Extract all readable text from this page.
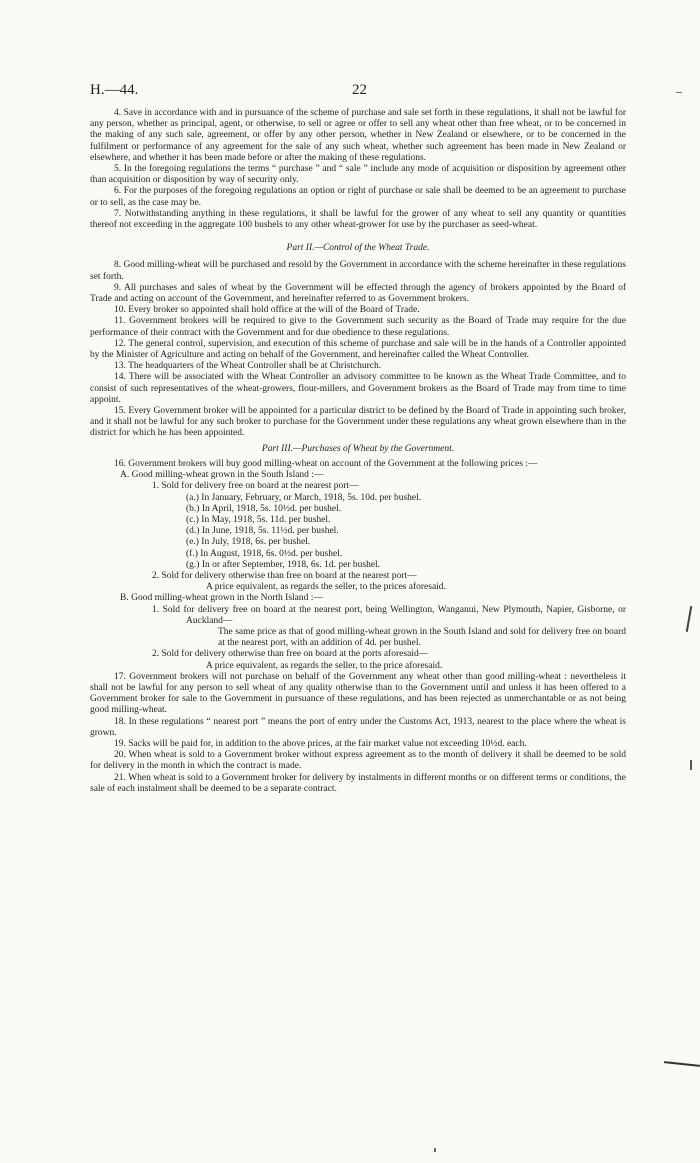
H.—44.	22

4. Save in accordance with and in pursuance of the scheme of purchase and sale set forth in these regulations, it shall not be lawful for any person, whether as principal, agent, or otherwise, to sell or agree or offer to sell any wheat other than free wheat, or to be concerned in the making of any such sale, agreement, or offer by any other person, whether in New Zealand or elsewhere, or to be concerned in the fulfilment or performance of any agreement for the sale of any such wheat, whether such agreement has been made in New Zealand or elsewhere, and whether it has been made before or after the making of these regulations.

5. In the foregoing regulations the terms “ purchase ” and “ sale ” include any mode of acquisition or disposition by agreement other than acquisition or disposition by way of security only.

6. For the purposes of the foregoing regulations an option or right of purchase or sale shall be deemed to be an agreement to purchase or to sell, as the case may be.

7. Notwithstanding anything in these regulations, it shall be lawful for the grower of any wheat to sell any quantity or quantities thereof not exceeding in the aggregate 100 bushels to any other wheat-grower for use by the purchaser as seed-wheat.

Part II.—Control of the Wheat Trade.

8. Good milling-wheat will be purchased and resold by the Government in accordance with the scheme hereinafter in these regulations set forth.

9. All purchases and sales of wheat by the Government will be effected through the agency of brokers appointed by the Board of Trade and acting on account of the Government, and hereinafter referred to as Government brokers.

10. Every broker so appointed shall hold office at the will of the Board of Trade.

11. Government brokers will be required to give to the Government such security as the Board of Trade may require for the due performance of their contract with the Government and for due obedience to these regulations.

12. The general control, supervision, and execution of this scheme of purchase and sale will be in the hands of a Controller appointed by the Minister of Agriculture and acting on behalf of the Government, and hereinafter called the Wheat Controller.

13. The headquarters of the Wheat Controller shall be at Christchurch.

14. There will be associated with the Wheat Controller an advisory committee to be known as the Wheat Trade Committee, and to consist of such representatives of the wheat-growers, flour-millers, and Government brokers as the Board of Trade may from time to time appoint.

15. Every Government broker will be appointed for a particular district to be defined by the Board of Trade in appointing such broker, and it shall not be lawful for any such broker to purchase for the Government under these regulations any wheat grown elsewhere than in the district for which he has been appointed.

Part III.—Purchases of Wheat by the Government.

16. Government brokers will buy good milling-wheat on account of the Government at the following prices :—

A. Good milling-wheat grown in the South Island :—

1. Sold for delivery free on board at the nearest port—

(a.) In January, February, or March, 1918, 5s. 10d. per bushel.

(b.) In April, 1918, 5s. 10½d. per bushel.

(c.) In May, 1918, 5s. 11d. per bushel.

(d.) In June, 1918, 5s. 11½d. per bushel.

(e.) In July, 1918, 6s. per bushel.

(f.) In August, 1918, 6s. 0½d. per bushel.

(g.) In or after September, 1918, 6s. 1d. per bushel.

2. Sold for delivery otherwise than free on board at the nearest port—

A price equivalent, as regards the seller, to the prices aforesaid.

B. Good milling-wheat grown in the North Island :—

1. Sold for delivery free on board at the nearest port, being Wellington, Wanganui, New Plymouth, Napier, Gisborne, or Auckland—

The same price as that of good milling-wheat grown in the South Island and sold for delivery free on board at the nearest port, with an addition of 4d. per bushel.

2. Sold for delivery otherwise than free on board at the ports aforesaid—

A price equivalent, as regards the seller, to the price aforesaid.

17. Government brokers will not purchase on behalf of the Government any wheat other than good milling-wheat : nevertheless it shall not be lawful for any person to sell wheat of any quality otherwise than to the Government until and unless it has been offered to a Government broker for sale to the Government in pursuance of these regulations, and has been rejected as unmerchantable or as not being good milling-wheat.

18. In these regulations “ nearest port ” means the port of entry under the Customs Act, 1913, nearest to the place where the wheat is grown.

19. Sacks will be paid for, in addition to the above prices, at the fair market value not exceeding 10½d. each.

20. When wheat is sold to a Government broker without express agreement as to the month of delivery it shall be deemed to be sold for delivery in the month in which the contract is made.

21. When wheat is sold to a Government broker for delivery by instalments in different months or on different terms or conditions, the sale of each instalment shall be deemed to be a separate contract.
